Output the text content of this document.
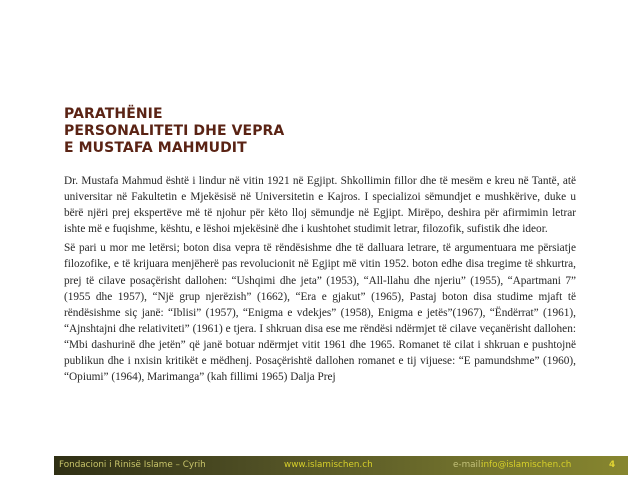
PARATHËNIE
PERSONALITETI DHE VEPRA
E MUSTAFA MAHMUDIT

Dr. Mustafa Mahmud është i lindur në vitin 1921 në Egjipt. Shkollimin fillor dhe të mesëm e kreu në Tantë, atë universitar në Fakultetin e Mjekësisë në Universitetin e Kajros. I specializoi sëmundjet e mushkërive, duke u bërë njëri prej ekspertëve më të njohur për këto lloj sëmundje në Egjipt. Mirëpo, deshira për afirmimin letrar ishte më e fuqishme, kështu, e lëshoi mjekësinë dhe i kushtohet studimit letrar, filozofik, sufistik dhe ideor.

Së pari u mor me letërsi; boton disa vepra të rëndësishme dhe të dalluara letrare, të argumentuara me përsiatje filozofike, e të krijuara menjëherë pas revolucionit në Egjipt më vitin 1952. boton edhe disa tregime të shkurtra, prej të cilave posaçërisht dallohen: “Ushqimi dhe jeta” (1953), “All-llahu dhe njeriu” (1955), “Apartmani 7” (1955 dhe 1957), “Një grup njerëzish” (1662), “Era e gjakut” (1965), Pastaj boton disa studime mjaft të rëndësishme siç janë: “Iblisi” (1957), “Enigma e vdekjes” (1958), Enigma e jetës”(1967), “Ëndërrat” (1961), “Ajnshtajni dhe relativiteti” (1961) e tjera. I shkruan disa ese me rëndësi ndërmjet të cilave veçanërisht dallohen: “Mbi dashurinë dhe jetën” që janë botuar ndërmjet vitit 1961 dhe 1965. Romanet të cilat i shkruan e pushtojnë publikun dhe i nxisin kritikët e mëdhenj. Posaçërishtë dallohen romanet e tij vijuese: “E pamundshme” (1960), “Opiumi” (1964), Marimanga” (kah fillimi 1965) Dalja Prej

Fondacioni i Rinisë Islame – Cyrih	www.islamischen.ch	e-mail:
info@islamischen.ch	4
